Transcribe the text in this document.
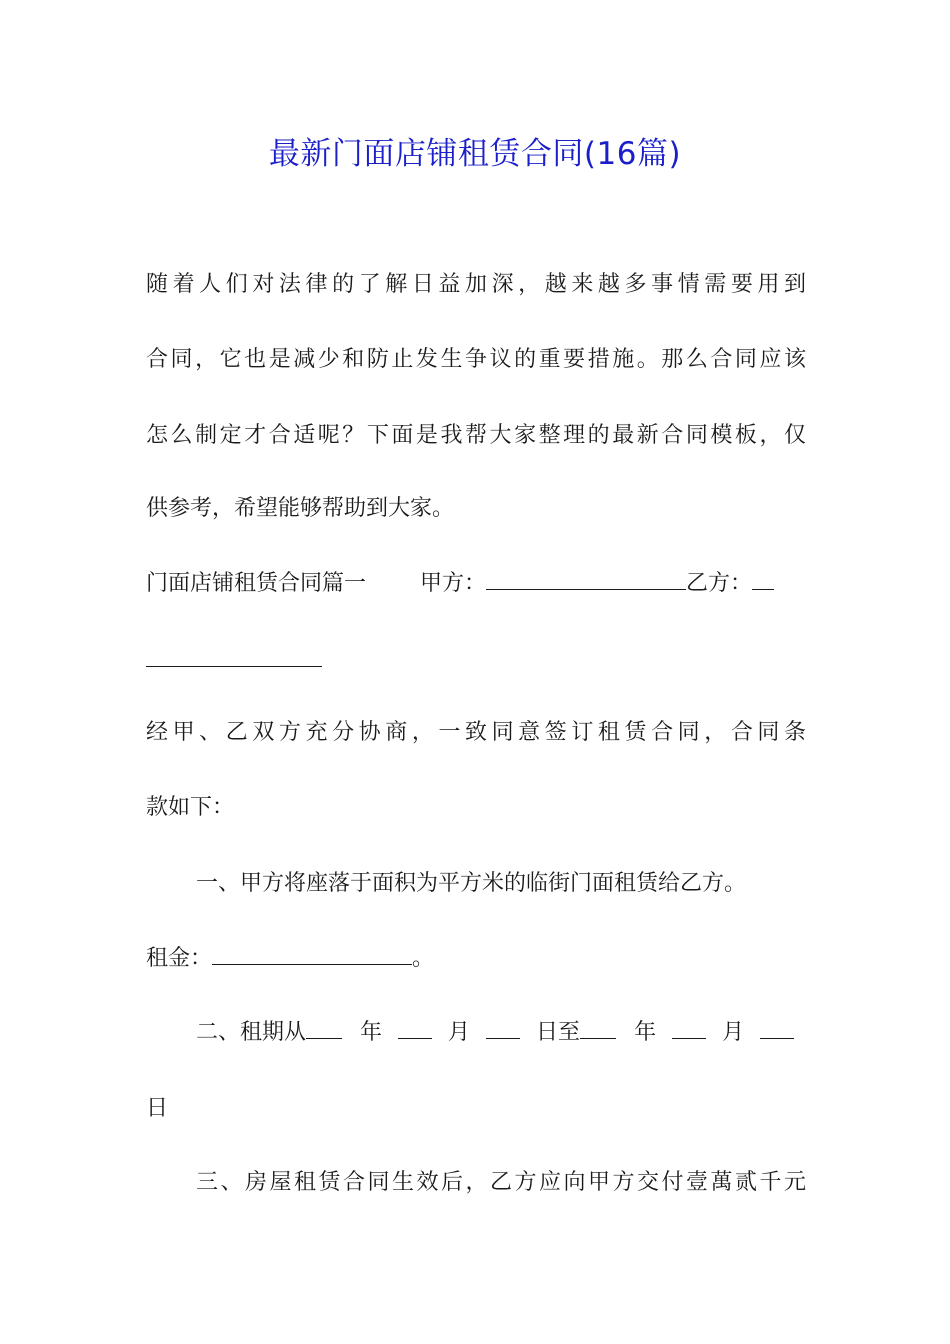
最新门面店铺租赁合同(16篇)
随着人们对法律的了解日益加深，越来越多事情需要用到
合同，它也是减少和防止发生争议的重要措施。那么合同应该
怎么制定才合适呢？下面是我帮大家整理的最新合同模板，仅
供参考，希望能够帮助到大家。
门面店铺租赁合同篇一 甲方：	乙方：
经甲、乙双方充分协商，一致同意签订租赁合同，合同条
款如下：
一、甲方将座落于面积为平方米的临街门面租赁给乙方。
租金：	。
二、租期从 年	月	日至 年	月
日
三、房屋租赁合同生效后，乙方应向甲方交付壹萬贰千元
